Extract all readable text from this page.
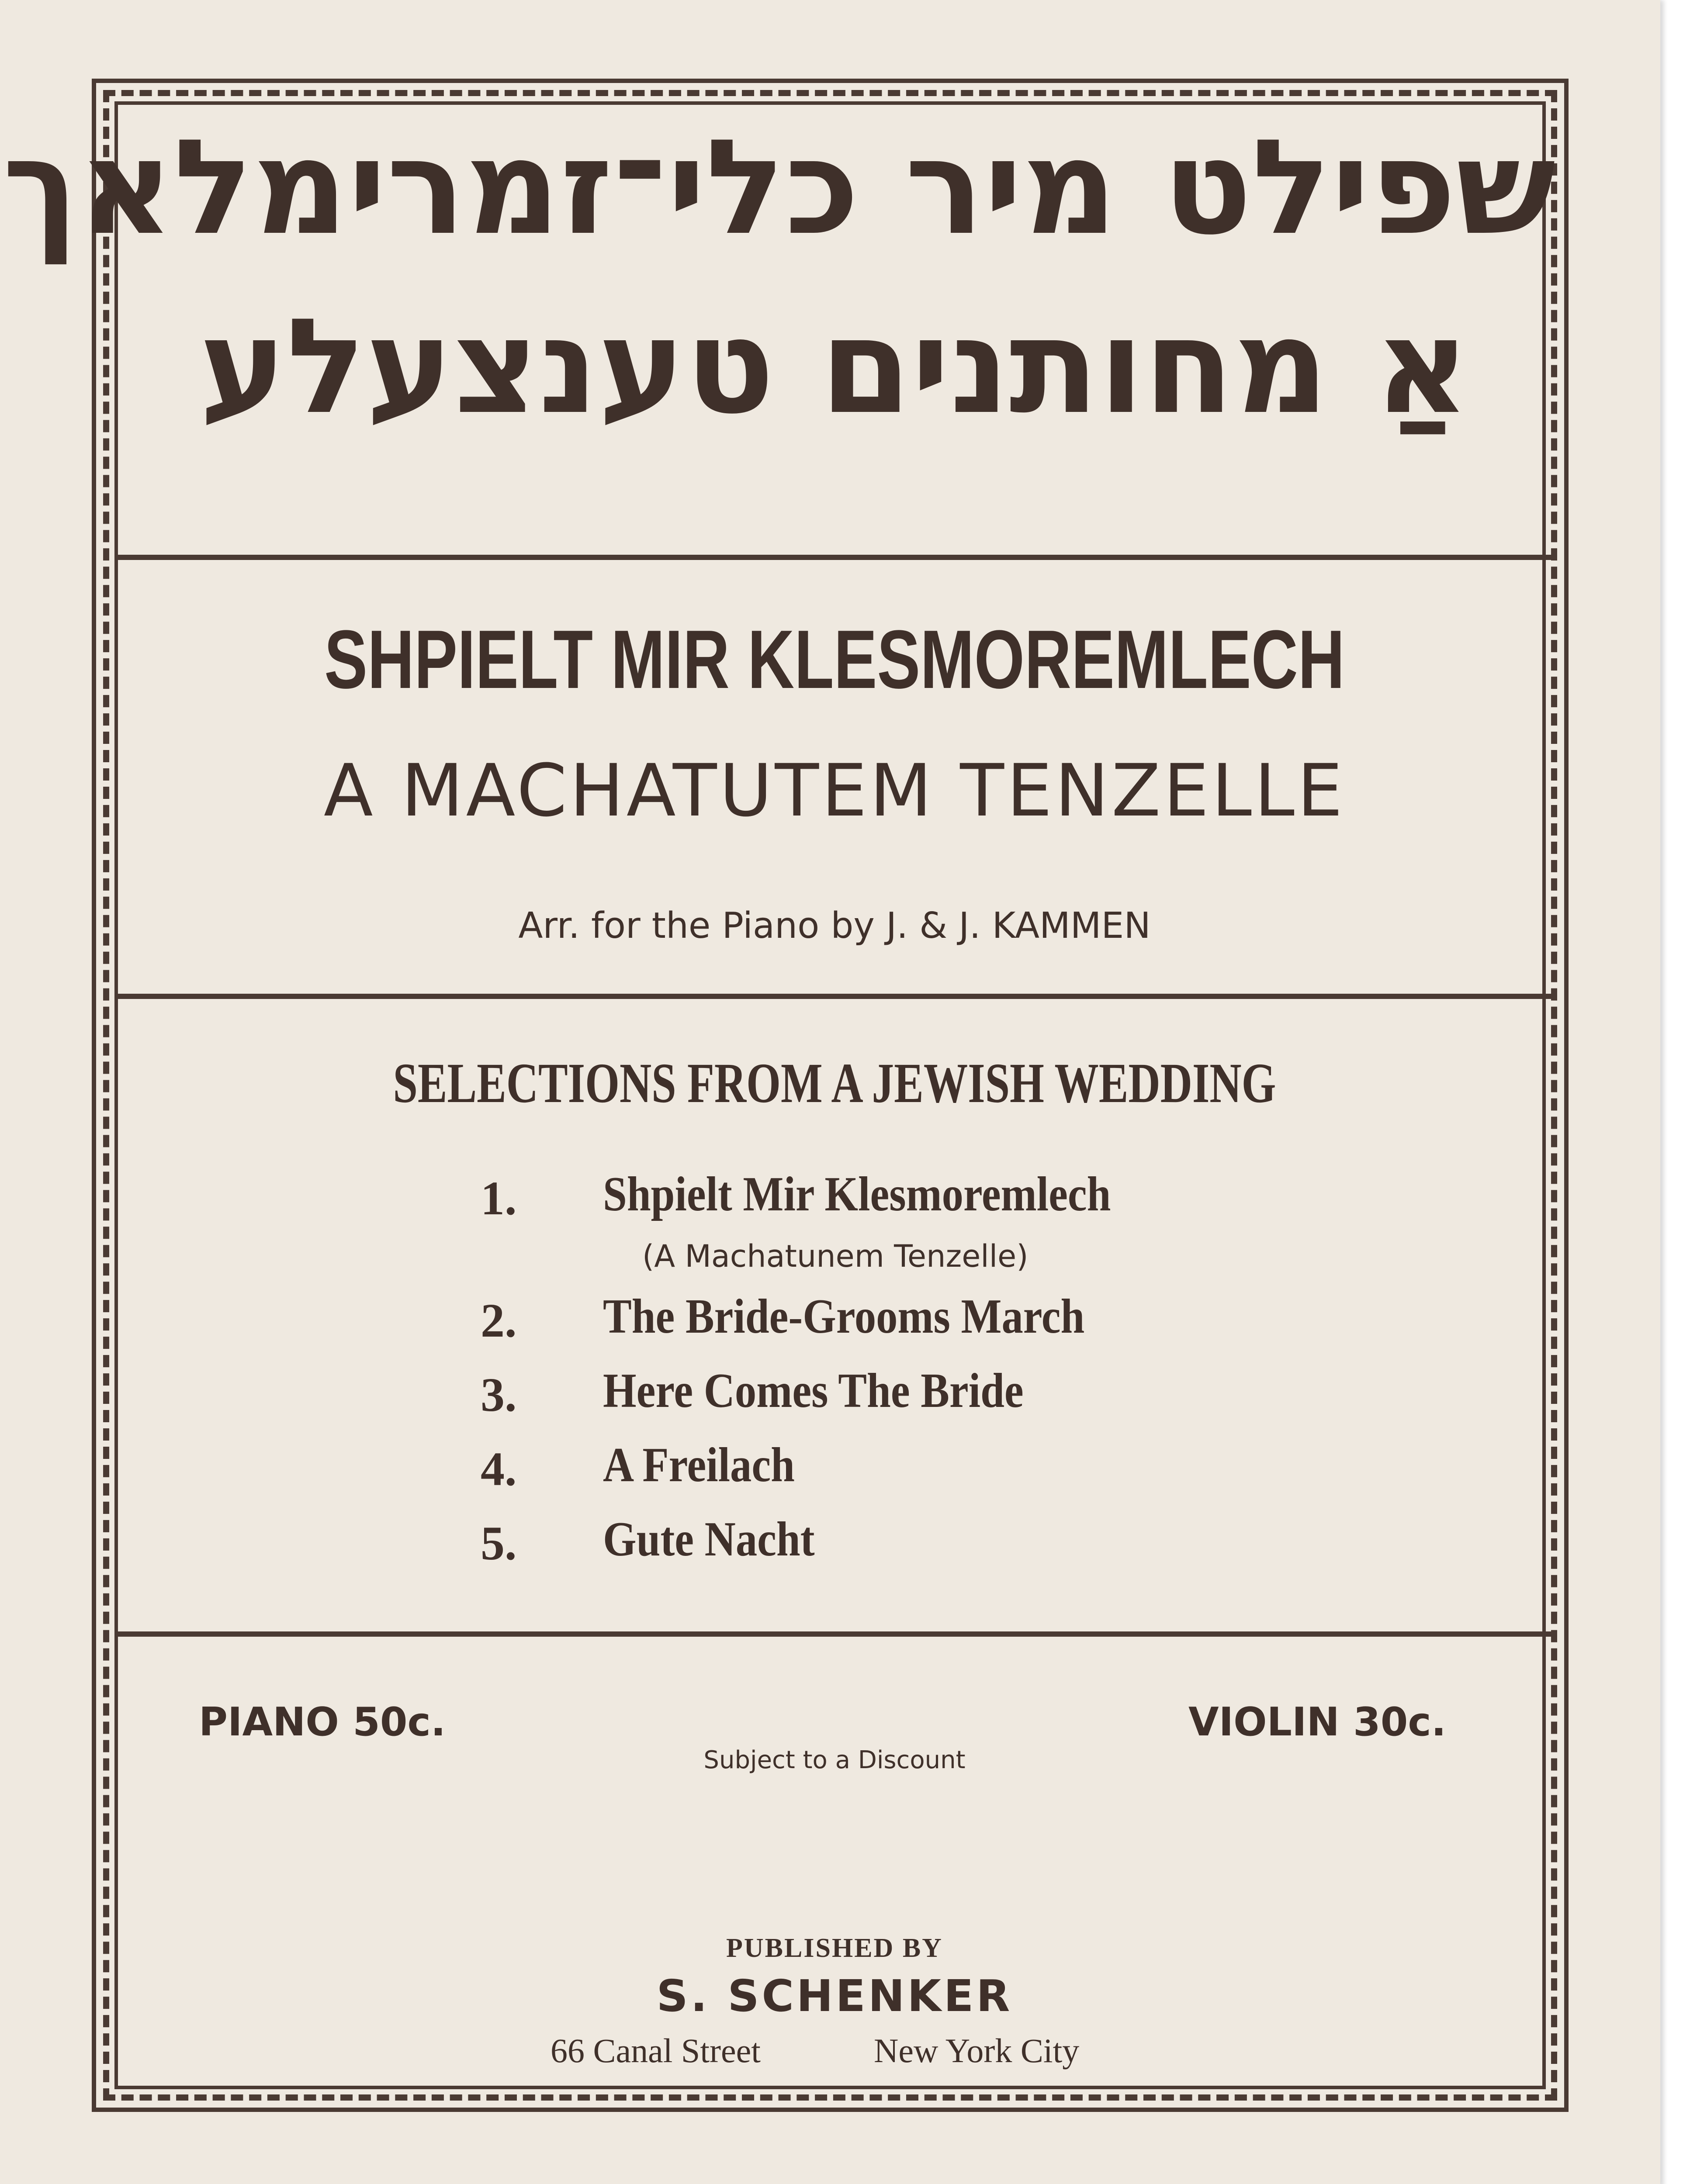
שפילט מיר כלי־זמרימלאך
אַ מחותנים טענצעלע
SHPIELT MIR KLESMOREMLECH
A MACHATUTEM TENZELLE
Arr. for the Piano by J. & J. KAMMEN
SELECTIONS FROM A JEWISH WEDDING
1.	Shpielt Mir Klesmoremlech
(A Machatunem Tenzelle)
2.	The Bride-Grooms March
3.	Here Comes The Bride
4.	A Freilach
5.	Gute Nacht
PIANO 50c.	VIOLIN 30c.
Subject to a Discount
PUBLISHED BY
S. SCHENKER
66 Canal Street	New York City
